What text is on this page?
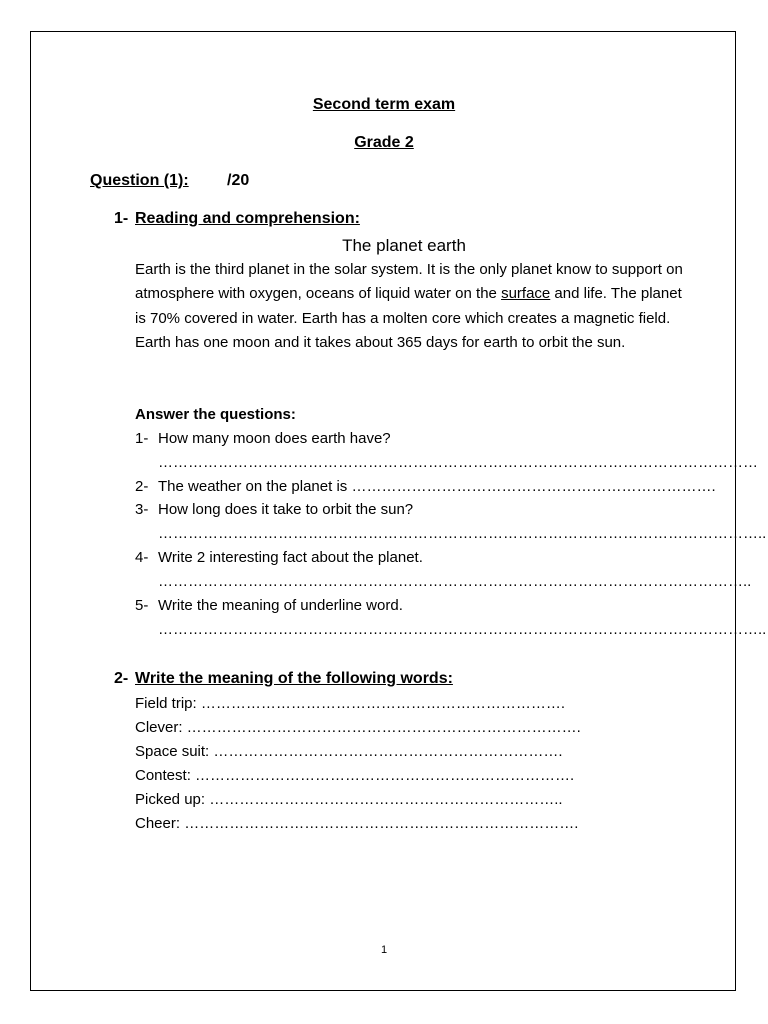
Second term exam
Grade 2
Question (1): /20
1- Reading and comprehension:
The planet earth
Earth is the third planet in the solar system. It is the only planet know to support on atmosphere with oxygen, oceans of liquid water on the surface and life. The planet is 70% covered in water. Earth has a molten core which creates a magnetic field. Earth has one moon and it takes about 365 days for earth to orbit the sun.
Answer the questions:
1- How many moon does earth have?
…………………………………………………………………………………………………………
2- The weather on the planet is ……………………………………………………………….
3- How long does it take to orbit the sun?
…………………………………………………………………………………………………………..
4- Write 2 interesting fact about the planet.
………………………………………………………………………………………………………..
5- Write the meaning of underline word.
…………………………………………………………………………………………………………..
2- Write the meaning of the following words:
Field trip: ……………………………………………………………….
Clever: …………………………………………………………………….
Space suit: …………………………………………………………….
Contest: ………………………………………………………………….
Picked up: ……………………………………………………………..
Cheer: …………………………………………………………………….
1
